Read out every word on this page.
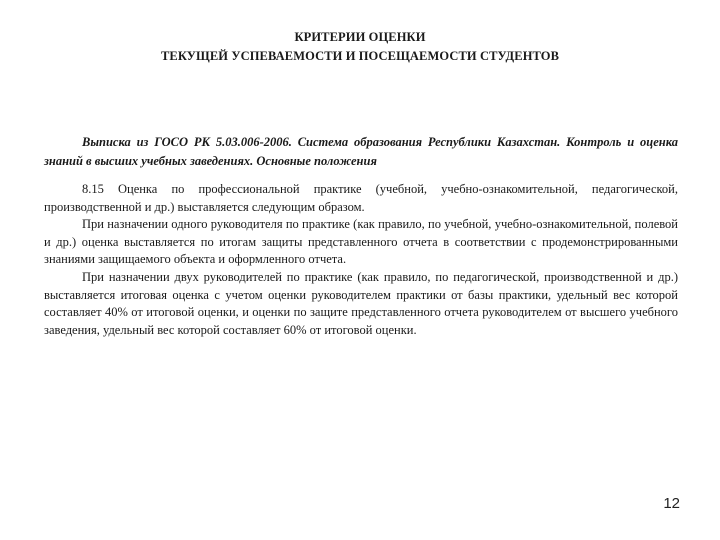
КРИТЕРИИ ОЦЕНКИ
ТЕКУЩЕЙ УСПЕВАЕМОСТИ И ПОСЕЩАЕМОСТИ СТУДЕНТОВ
Выписка из ГОСО РК 5.03.006-2006. Система образования Республики Казахстан. Контроль и оценка знаний в высших учебных заведениях. Основные положения

8.15 Оценка по профессиональной практике (учебной, учебно-ознакомительной, педагогической, производственной и др.) выставляется следующим образом.

При назначении одного руководителя по практике (как правило, по учебной, учебно-ознакомительной, полевой и др.) оценка выставляется по итогам защиты представленного отчета в соответствии с продемонстрированными знаниями защищаемого объекта и оформленного отчета.

При назначении двух руководителей по практике (как правило, по педагогической, производственной и др.) выставляется итоговая оценка с учетом оценки руководителем практики от базы практики, удельный вес которой составляет 40% от итоговой оценки, и оценки по защите представленного отчета руководителем от высшего учебного заведения, удельный вес которой составляет 60% от итоговой оценки.

12
